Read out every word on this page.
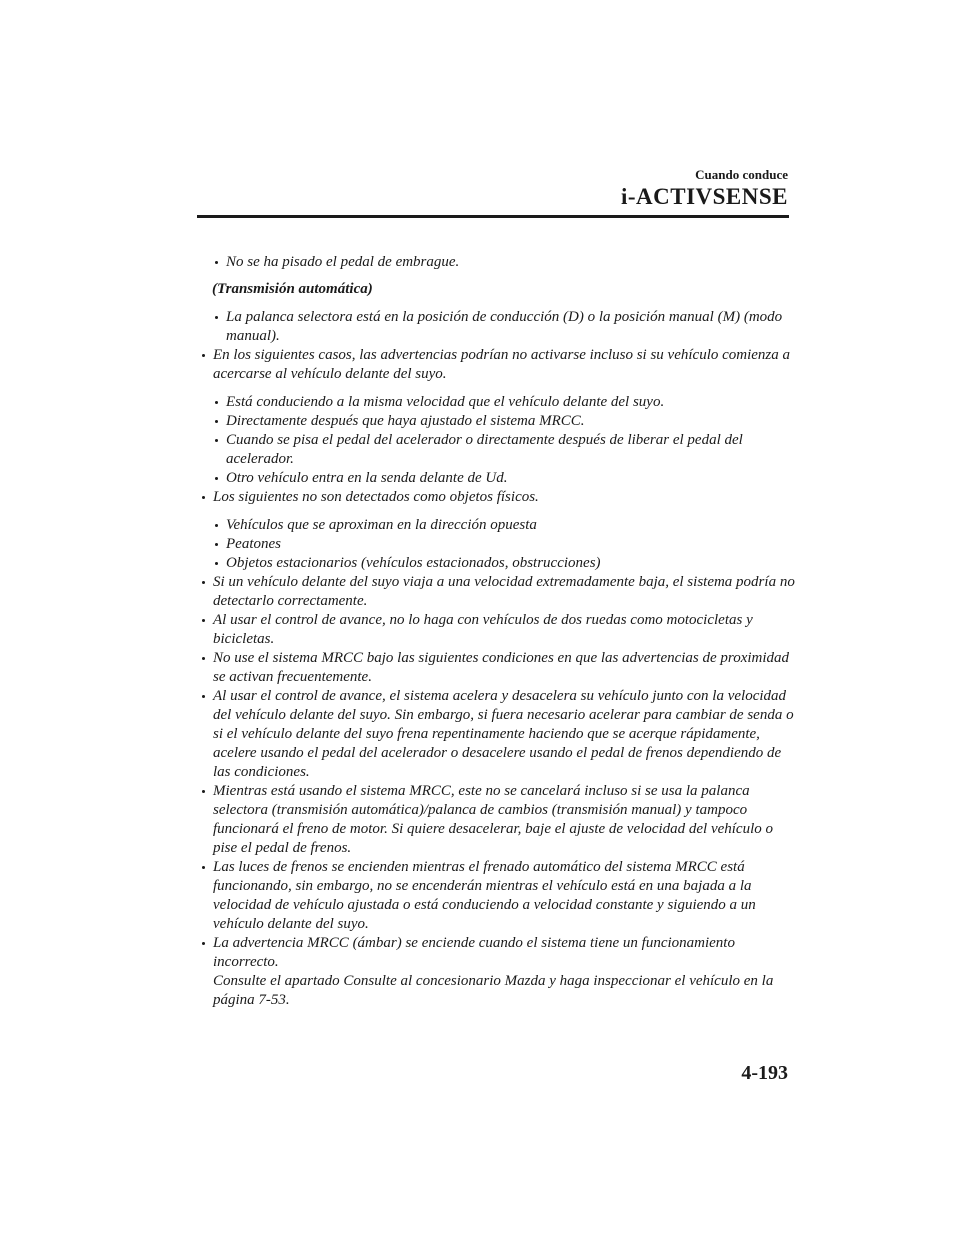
Cuando conduce
i-ACTIVSENSE
No se ha pisado el pedal de embrague.
(Transmisión automática)
La palanca selectora está en la posición de conducción (D) o la posición manual (M) (modo manual).
En los siguientes casos, las advertencias podrían no activarse incluso si su vehículo comienza a acercarse al vehículo delante del suyo.
Está conduciendo a la misma velocidad que el vehículo delante del suyo.
Directamente después que haya ajustado el sistema MRCC.
Cuando se pisa el pedal del acelerador o directamente después de liberar el pedal del acelerador.
Otro vehículo entra en la senda delante de Ud.
Los siguientes no son detectados como objetos físicos.
Vehículos que se aproximan en la dirección opuesta
Peatones
Objetos estacionarios (vehículos estacionados, obstrucciones)
Si un vehículo delante del suyo viaja a una velocidad extremadamente baja, el sistema podría no detectarlo correctamente.
Al usar el control de avance, no lo haga con vehículos de dos ruedas como motocicletas y bicicletas.
No use el sistema MRCC bajo las siguientes condiciones en que las advertencias de proximidad se activan frecuentemente.
Al usar el control de avance, el sistema acelera y desacelera su vehículo junto con la velocidad del vehículo delante del suyo. Sin embargo, si fuera necesario acelerar para cambiar de senda o si el vehículo delante del suyo frena repentinamente haciendo que se acerque rápidamente, acelere usando el pedal del acelerador o desacelere usando el pedal de frenos dependiendo de las condiciones.
Mientras está usando el sistema MRCC, este no se cancelará incluso si se usa la palanca selectora (transmisión automática)/palanca de cambios (transmisión manual) y tampoco funcionará el freno de motor. Si quiere desacelerar, baje el ajuste de velocidad del vehículo o pise el pedal de frenos.
Las luces de frenos se encienden mientras el frenado automático del sistema MRCC está funcionando, sin embargo, no se encenderán mientras el vehículo está en una bajada a la velocidad de vehículo ajustada o está conduciendo a velocidad constante y siguiendo a un vehículo delante del suyo.
La advertencia MRCC (ámbar) se enciende cuando el sistema tiene un funcionamiento incorrecto.
Consulte el apartado Consulte al concesionario Mazda y haga inspeccionar el vehículo en la página 7-53.
4-193
